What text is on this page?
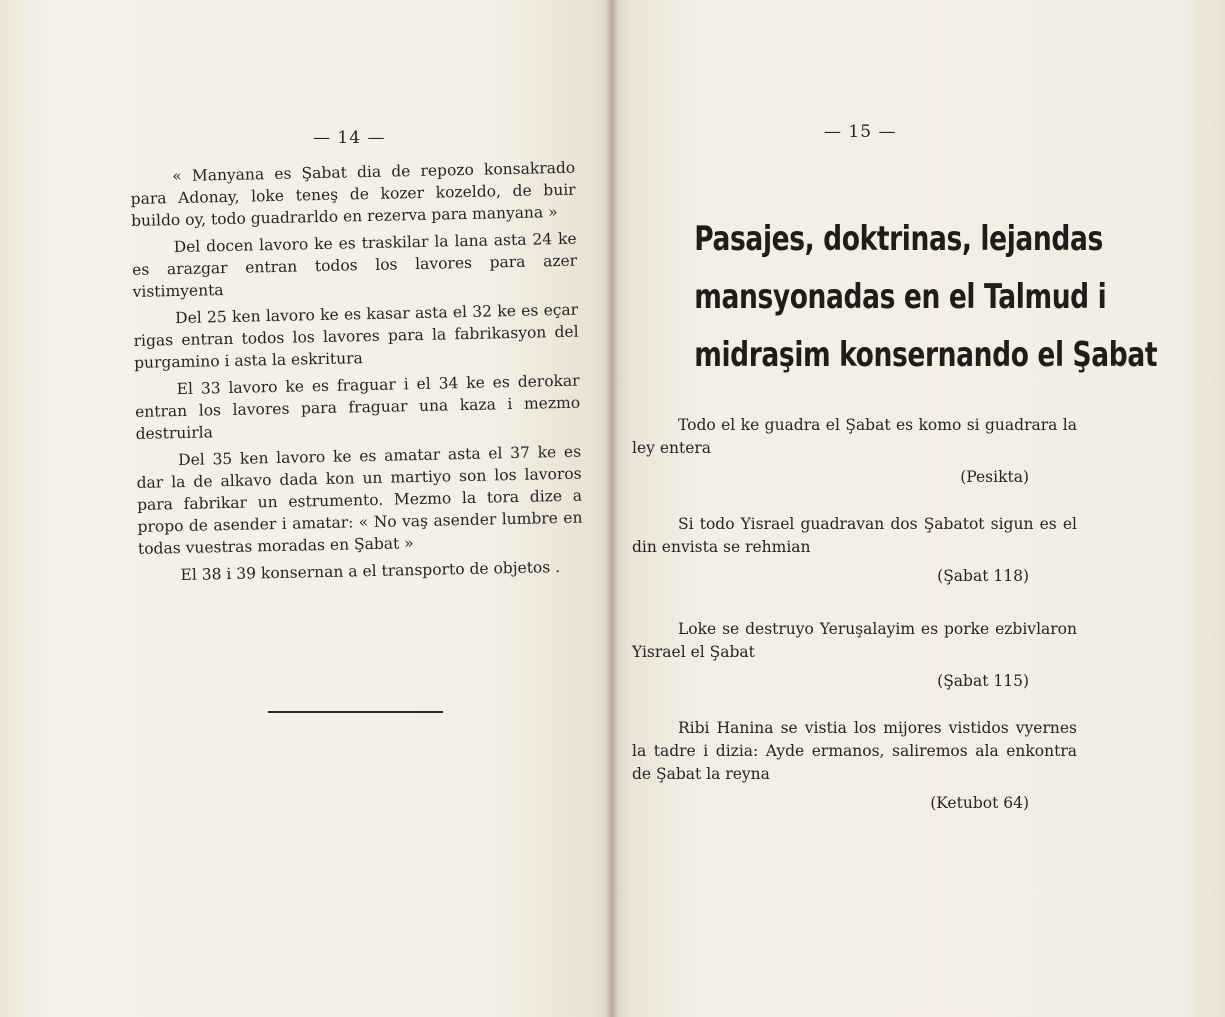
— 14 —

« Manyana es Şabat dia de repozo konsakrado para Adonay, loke teneş de kozer kozeldo, de buir buildo oy, todo guadrarldo en rezerva para manyana »

Del docen lavoro ke es traskilar la lana asta 24 ke es arazgar entran todos los lavores para azer vistimyenta

Del 25 ken lavoro ke es kasar asta el 32 ke es eçar rigas entran todos los lavores para la fabrikasyon del purgamino i asta la eskritura

El 33 lavoro ke es fraguar i el 34 ke es derokar entran los lavores para fraguar una kaza i mezmo destruirla

Del 35 ken lavoro ke es amatar asta el 37 ke es dar la de alkavo dada kon un martiyo son los lavoros para fabrikar un estrumento. Mezmo la tora dize a propo de asender i amatar: « No vaş asender lumbre en todas vuestras moradas en Şabat »

El 38 i 39 konsernan a el transporto de objetos .

— 15 —
Pasajes, doktrinas, lejandas
mansyonadas en el Talmud i
midraşim konsernando el Şabat

Todo el ke guadra el Şabat es komo si guadrara la ley entera

(Pesikta)

Si todo Yisrael guadravan dos Şabatot sigun es el din envista se rehmian

(Şabat 118)

Loke se destruyo Yeruşalayim es porke ezbivlaron Yisrael el Şabat

(Şabat 115)

Ribi Hanina se vistia los mijores vistidos vyernes la tadre i dizia: Ayde ermanos, saliremos ala enkontra de Şabat la reyna

(Ketubot 64)
